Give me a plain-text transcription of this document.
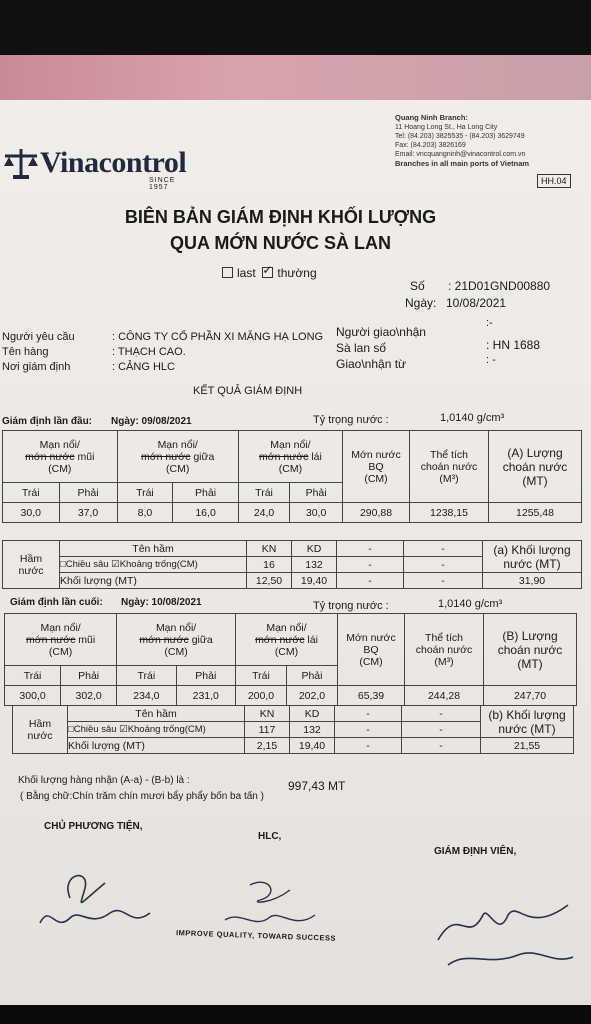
Quang Ninh Branch:
11 Hoang Long St., Ha Long City
Tel: (84.203) 3825535 - (84.203) 3629749
Fax: (84.203) 3826169
Email: vncquangninh@vinacontrol.com.vn
Branches in all main ports of Vietnam
HH.04
Vinacontrol
SINCE 1957
BIÊN BẢN GIÁM ĐỊNH KHỐI LƯỢNG
QUA MỚN NƯỚC SÀ LAN
last ✓ thường
Số : 21D01GND00880
Ngày: 10/08/2021
Người yêu cầu	: CÔNG TY CỔ PHẦN XI MĂNG HẠ LONG
Tên hàng	: THẠCH CAO.
Nơi giám định	: CẢNG HLC
Người giao\nhận
:-
Sà lan số	: HN 1688
Giao\nhận từ	: -
KẾT QUẢ GIÁM ĐỊNH
Giám định lần đầu: Ngày: 09/08/2021	Tỷ trọng nước :	1,0140 g/cm³
Mạn nổi/
mớn nước mũi
(CM)		Mạn nổi/
mớn nước giữa
(CM)		Mạn nổi/
mớn nước lái
(CM)		Mớn nước
BQ
(CM)	Thể tích
choán nước
(M³)	(A) Lượng
choán nước
(MT)
Trái	Phải	Trái	Phải	Trái	Phải			
30,0	37,0	8,0	16,0	24,0	30,0	290,88	1238,15	1255,48
Hầm
nước	Tên hầm	KN	KD	-	-	(a) Khối lượng
nước (MT)
	□Chiều sâu ☑Khoảng trống(CM)	16	132	-	-	
	Khối lượng (MT)	12,50	19,40	-	-	31,90
Giám định lần cuối: Ngày: 10/08/2021	Tỷ trọng nước :	1,0140 g/cm³
Mạn nổi/
mớn nước mũi
(CM)		Mạn nổi/
mớn nước giữa
(CM)		Mạn nổi/
mớn nước lái
(CM)		Mớn nước
BQ
(CM)	Thể tích
choán nước
(M³)	(B) Lượng
choán nước
(MT)
Trái	Phải	Trái	Phải	Trái	Phải			
300,0	302,0	234,0	231,0	200,0	202,0	65,39	244,28	247,70
Hầm
nước	Tên hầm	KN	KD	-	-	(b) Khối lượng
nước (MT)
	□Chiều sâu ☑Khoảng trống(CM)	117	132	-	-	
	Khối lượng (MT)	2,15	19,40	-	-	21,55
Khối lượng hàng nhận (A-a) - (B-b) là :	997,43 MT
( Bằng chữ:Chín trăm chín mươi bẩy phẩy bốn ba tấn )
CHỦ PHƯƠNG TIỆN,
HLC,
GIÁM ĐỊNH VIÊN,
IMPROVE QUALITY, TOWARD SUCCESS
